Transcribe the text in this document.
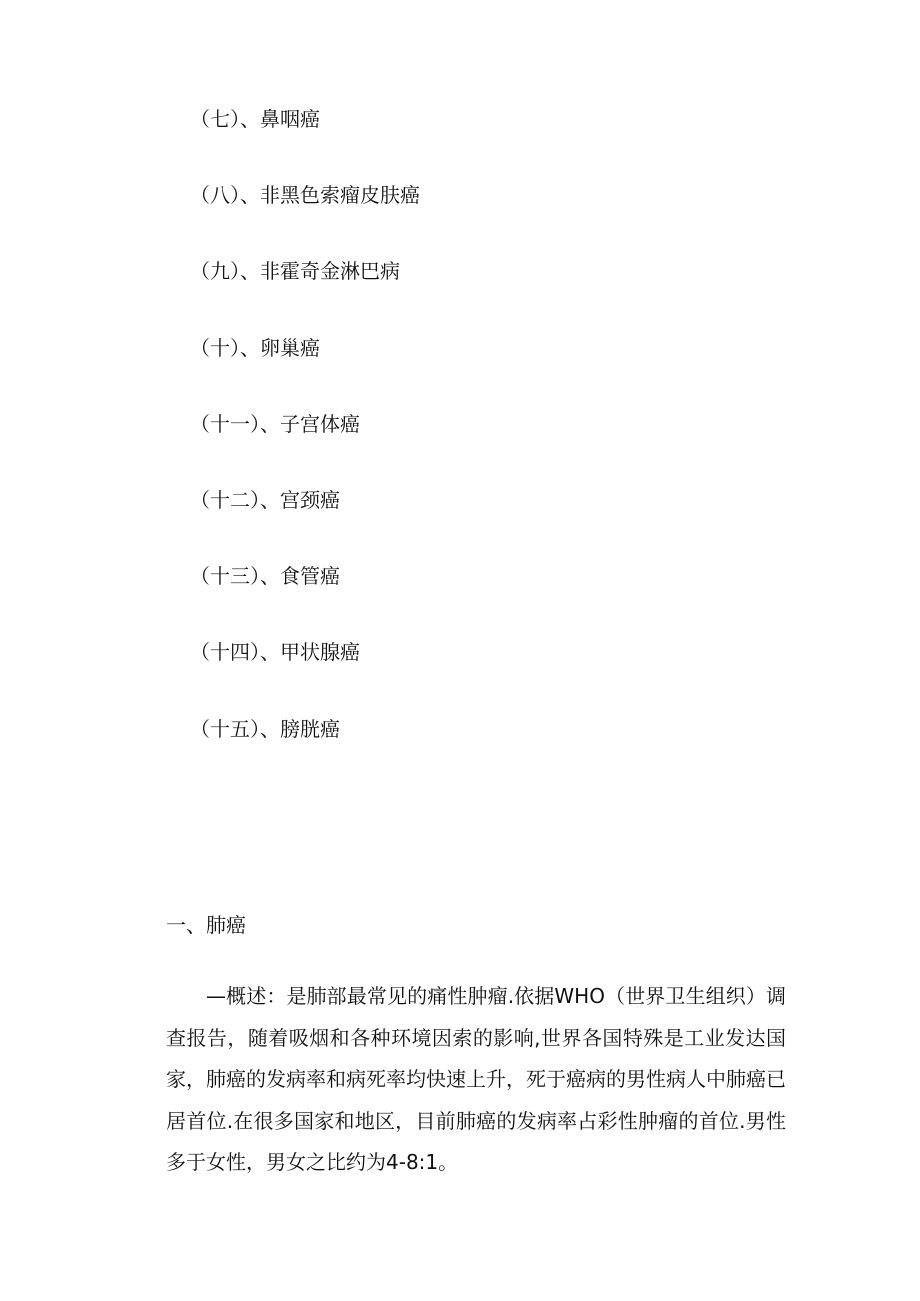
（七）、鼻咽癌
（八）、非黑色索瘤皮肤癌
（九）、非霍奇金淋巴病
（十）、卵巢癌
（十一）、子宫体癌
（十二）、宫颈癌
（十三）、食管癌
（十四）、甲状腺癌
（十五）、膀胱癌
一、肺癌

—概述：是肺部最常见的痛性肿瘤.依据WHO（世界卫生组织）调查报告，随着吸烟和各种环境因索的影响,世界各国特殊是工业发达国家，肺癌的发病率和病死率均快速上升，死于癌病的男性病人中肺癌已居首位.在很多国家和地区，目前肺癌的发病率占彩性肿瘤的首位.男性多于女性，男女之比约为4-8:1。
